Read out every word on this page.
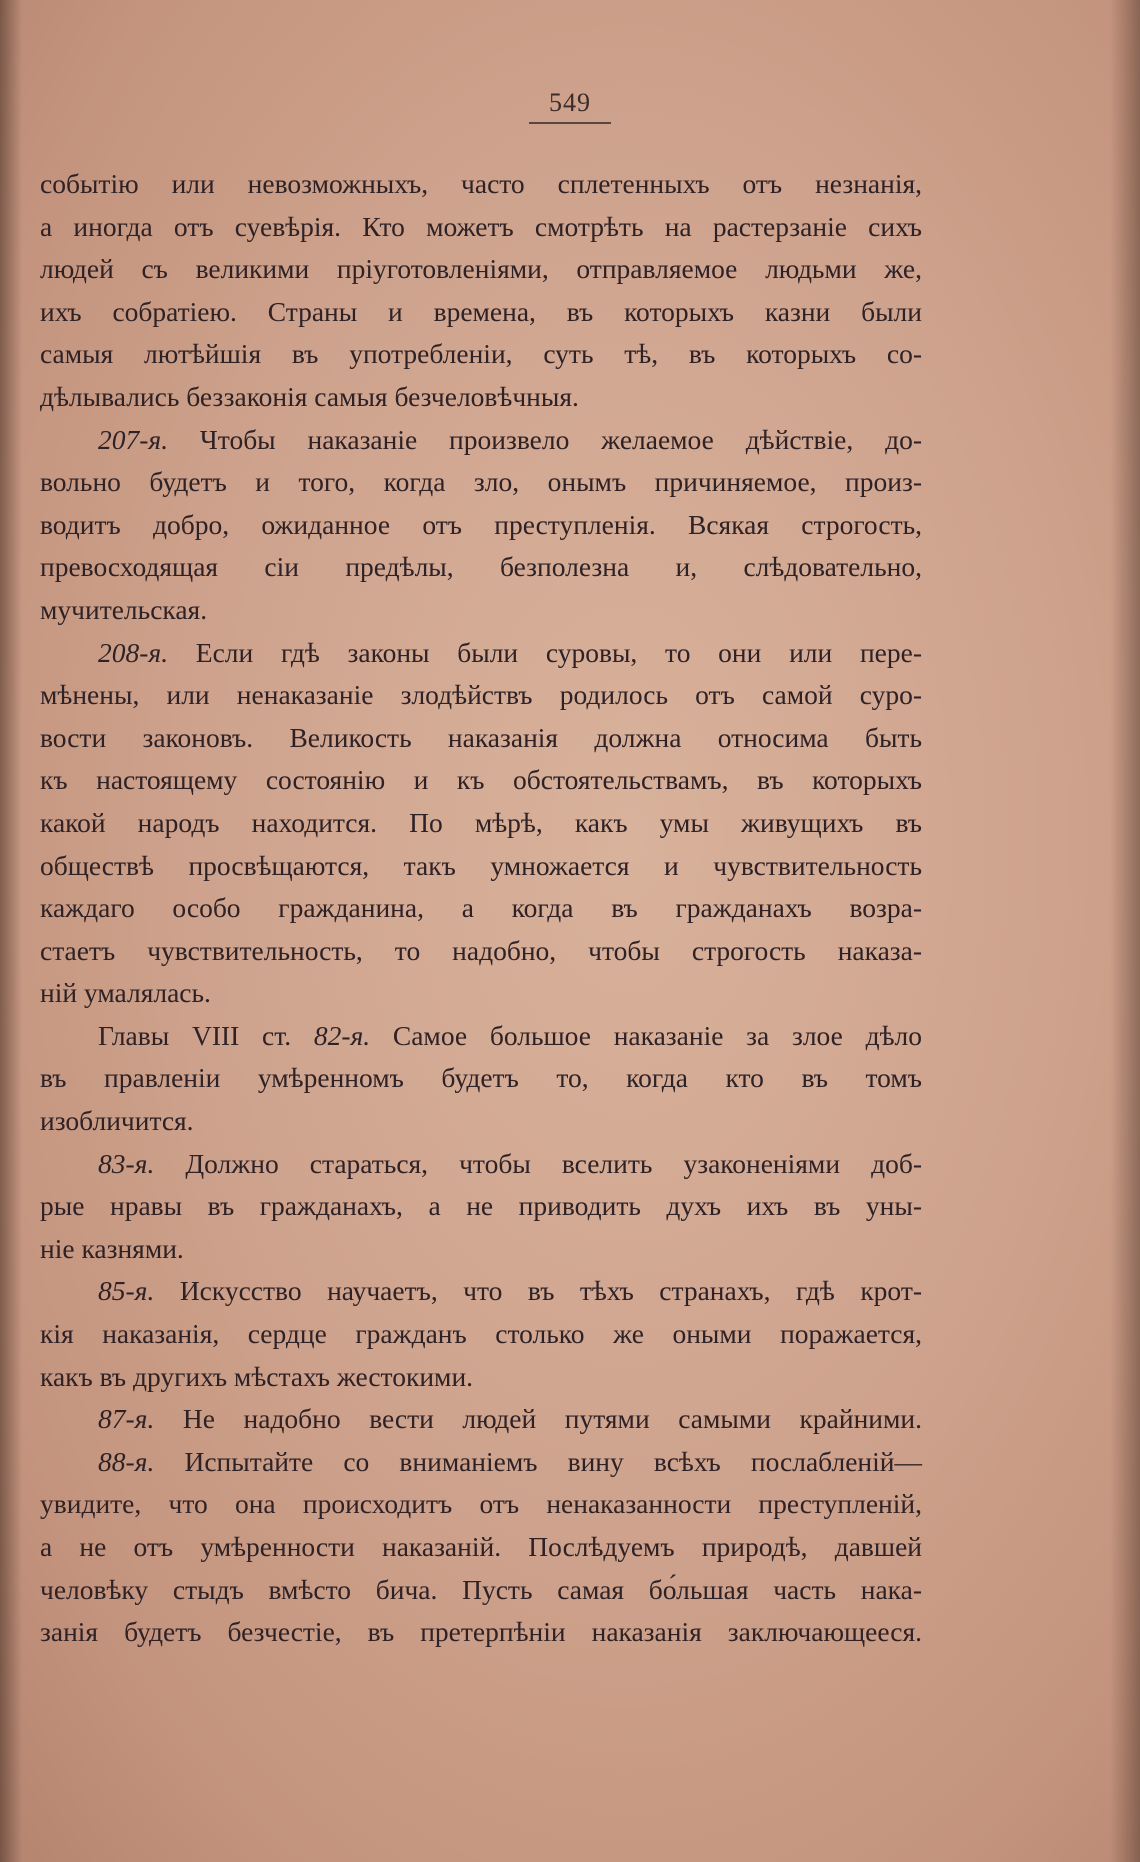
549

событію или невозможныхъ, часто сплетенныхъ отъ незнанія,

а иногда отъ суевѣрія. Кто можетъ смотрѣть на растерзаніе сихъ

людей съ великими пріуготовленіями, отправляемое людьми же,

ихъ собратіею. Страны и времена, въ которыхъ казни были

самыя лютѣйшія въ употребленіи, суть тѣ, въ которыхъ со-

дѣлывались беззаконія самыя безчеловѣчныя.

207-я. Чтобы наказаніе произвело желаемое дѣйствіе, до-

вольно будетъ и того, когда зло, онымъ причиняемое, произ-

водитъ добро, ожиданное отъ преступленія. Всякая строгость,

превосходящая сіи предѣлы, безполезна и, слѣдовательно,

мучительская.

208-я. Если гдѣ законы были суровы, то они или пере-

мѣнены, или ненаказаніе злодѣйствъ родилось отъ самой суро-

вости законовъ. Великость наказанія должна относима быть

къ настоящему состоянію и къ обстоятельствамъ, въ которыхъ

какой народъ находится. По мѣрѣ, какъ умы живущихъ въ

обществѣ просвѣщаются, такъ умножается и чувствительность

каждаго особо гражданина, а когда въ гражданахъ возра-

стаетъ чувствительность, то надобно, чтобы строгость наказа-

ній умалялась.

Главы VIII ст. 82-я. Самое большое наказаніе за злое дѣло

въ правленіи умѣренномъ будетъ то, когда кто въ томъ

изобличится.

83-я. Должно стараться, чтобы вселить узаконеніями доб-

рые нравы въ гражданахъ, а не приводить духъ ихъ въ уны-

ніе казнями.

85-я. Искусство научаетъ, что въ тѣхъ странахъ, гдѣ крот-

кія наказанія, сердце гражданъ столько же оными поражается,

какъ въ другихъ мѣстахъ жестокими.

87-я. Не надобно вести людей путями самыми крайними.

88-я. Испытайте со вниманіемъ вину всѣхъ послабленій—

увидите, что она происходитъ отъ ненаказанности преступленій,

а не отъ умѣренности наказаній. Послѣдуемъ природѣ, давшей

человѣку стыдъ вмѣсто бича. Пусть самая бо́льшая часть нака-

занія будетъ безчестіе, въ претерпѣніи наказанія заключающееся.
